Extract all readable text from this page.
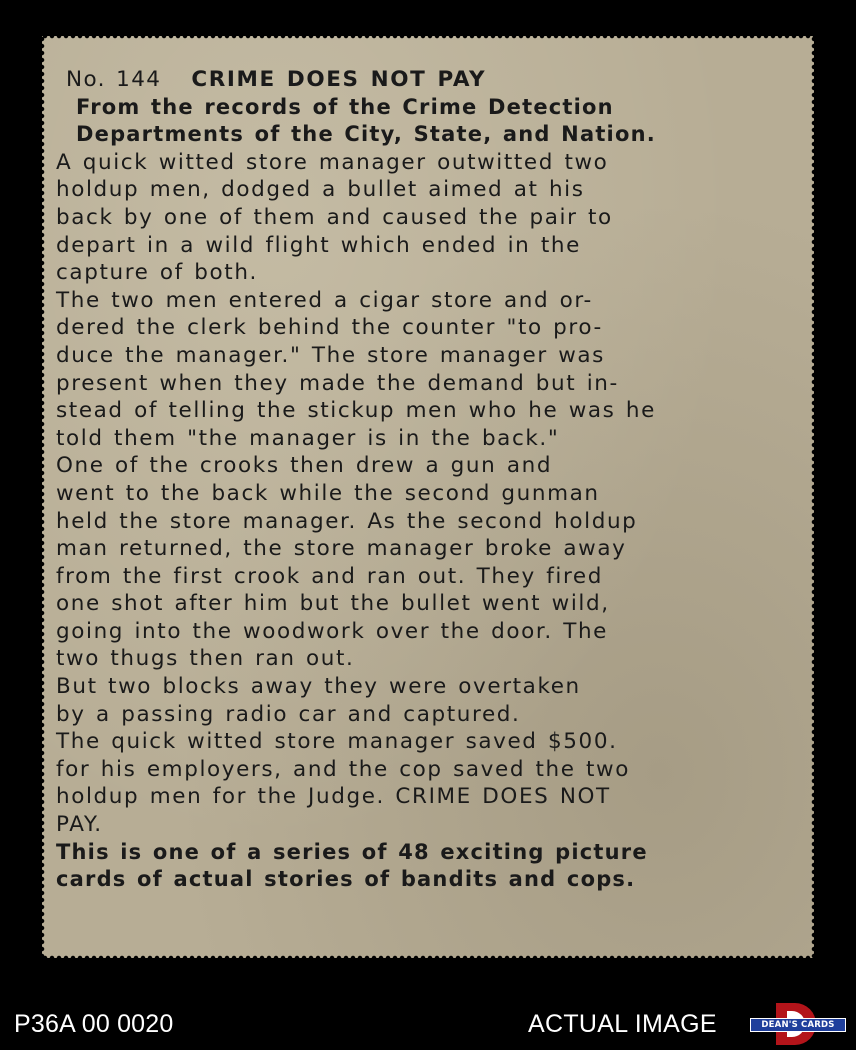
No. 144 CRIME DOES NOT PAY
From the records of the Crime Detection
Departments of the City, State, and Nation.

A quick witted store manager outwitted two
holdup men, dodged a bullet aimed at his
back by one of them and caused the pair to
depart in a wild flight which ended in the
capture of both.

The two men entered a cigar store and or-
dered the clerk behind the counter "to pro-
duce the manager." The store manager was
present when they made the demand but in-
stead of telling the stickup men who he was he
told them "the manager is in the back."

One of the crooks then drew a gun and
went to the back while the second gunman
held the store manager. As the second holdup
man returned, the store manager broke away
from the first crook and ran out. They fired
one shot after him but the bullet went wild,
going into the woodwork over the door. The
two thugs then ran out.

But two blocks away they were overtaken
by a passing radio car and captured.

The quick witted store manager saved $500.
for his employers, and the cop saved the two
holdup men for the Judge. CRIME DOES NOT
PAY.

This is one of a series of 48 exciting picture
cards of actual stories of bandits and cops.
P36A 00 0020	ACTUAL IMAGE	DEAN'S CARDS
